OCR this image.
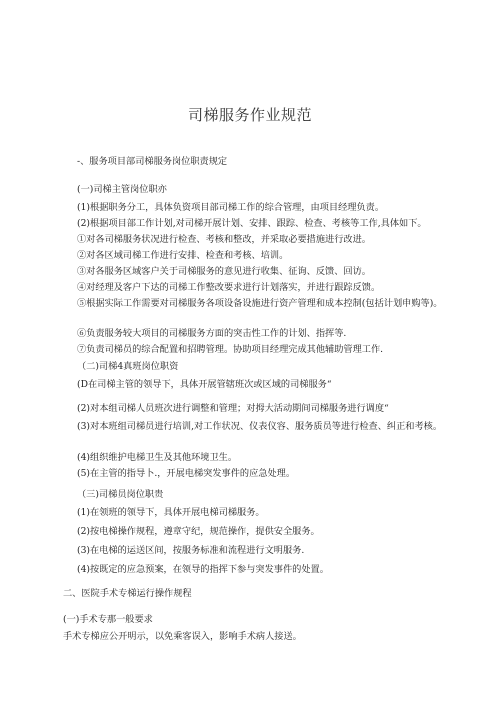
司梯服务作业规范
-、服务项目部司梯服务岗位职责规定
(一)司梯主管岗位职亦
(1)根据职务分工，具体负资项目部司梯工作的综合管理，由项目经理负责。
(2)根据项目部工作计划,对司梯开展计划、安排、跟踪、检查、考核等工作,具体如下。
①对各司梯服务状况进行检查、考核和整改，并采取必要措施进行改进。
②对各区域司梯工作进行安排、检查和考核、培训。
③对各服务区域客户关于司梯服务的意见进行收集、征询、反馈、回访。
④对经理及客户下达的司梯工作整改要求进行计划落实，并进行跟踪反馈。
⑤根据实际工作需要对司梯服务各项设备设施进行资产管理和成本控制(包括计划申购等)。
⑥负责服务较大项目的司梯服务方面的突击性工作的计划、指挥等.
⑦负责司梯员的综合配置和招聘管理。协助项目经理完成其他辅助管理工作.
（二)司梯4真班岗位职资
(D在司梯主管的领导下，具体开展管辖班次或区域的司梯服务“
(2)对本组司梯人员班次进行调整和管理；对拇大活动期间司梯服务进行调度“
(3)对本班组司梯员进行培训,对工作状况、仪表仪容、服务质员等进行检查、纠正和考核。
(4)组织维护电梯卫生及其他环境卫生。
(5)在主管的指导卜.，开展电梯突发事件的应急处理。
（三)司梯员岗位职贵
(1)在领班的领导下，具体开展电梯司梯服务。
(2)按电梯操作规程，遵章守纪，规范操作，提供安全服务。
(3)在电梯的运送区间，按服务标准和流程进行文明服务.
(4)按既定的应急预案，在领导的指挥下参与突发事件的处置。
二、医院手术专梯运行操作规程
(一)手术专那一般要求
手术专梯应公开明示，以免乘客误入，影响手术病人接送。
